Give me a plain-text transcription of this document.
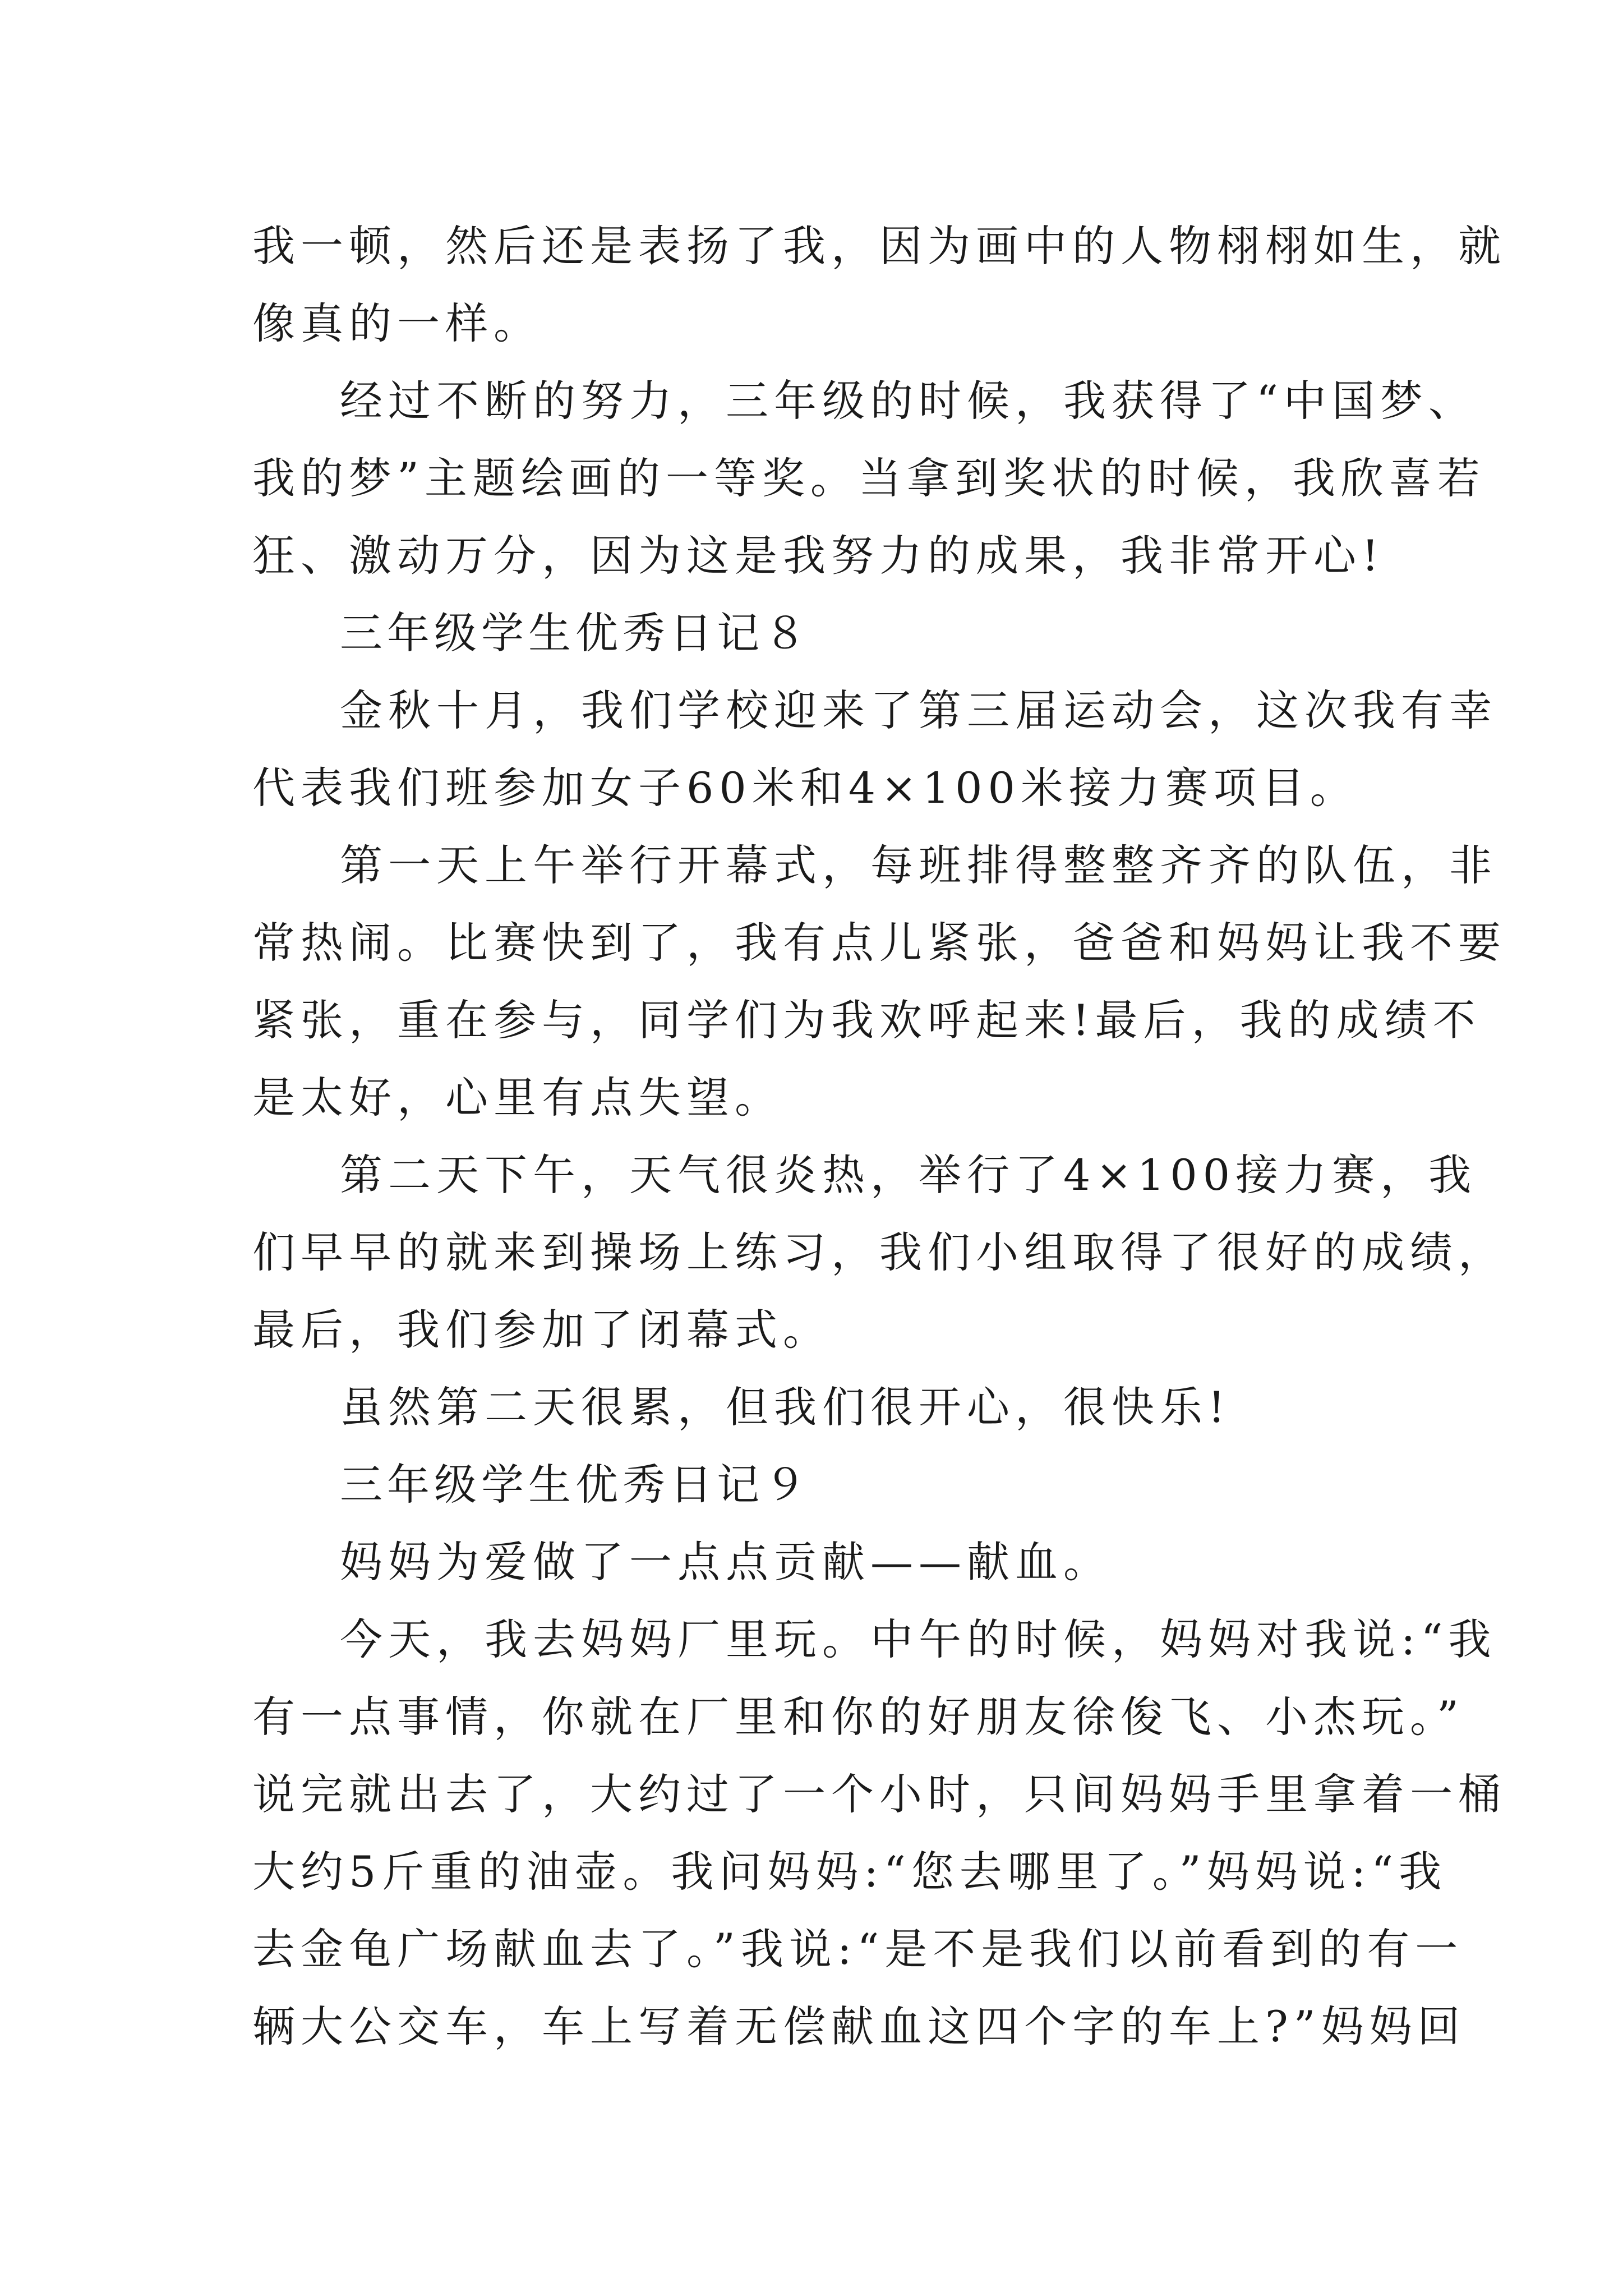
我一顿，然后还是表扬了我，因为画中的人物栩栩如生，就
像真的一样。
经过不断的努力，三年级的时候，我获得了“中国梦、
我的梦”主题绘画的一等奖。当拿到奖状的时候，我欣喜若
狂、激动万分，因为这是我努力的成果，我非常开心!
三年级学生优秀日记８
金秋十月，我们学校迎来了第三届运动会，这次我有幸
代表我们班参加女子60米和4×100米接力赛项目。
第一天上午举行开幕式，每班排得整整齐齐的队伍，非
常热闹。比赛快到了，我有点儿紧张，爸爸和妈妈让我不要
紧张，重在参与，同学们为我欢呼起来!最后，我的成绩不
是太好，心里有点失望。
第二天下午，天气很炎热，举行了4×100接力赛，我
们早早的就来到操场上练习，我们小组取得了很好的成绩，
最后，我们参加了闭幕式。
虽然第二天很累，但我们很开心，很快乐!
三年级学生优秀日记９
妈妈为爱做了一点点贡献——献血。
今天，我去妈妈厂里玩。中午的时候，妈妈对我说:“我
有一点事情，你就在厂里和你的好朋友徐俊飞、小杰玩。”
说完就出去了，大约过了一个小时，只间妈妈手里拿着一桶
大约5斤重的油壶。我问妈妈:“您去哪里了。”妈妈说:“我
去金龟广场献血去了。”我说:“是不是我们以前看到的有一
辆大公交车，车上写着无偿献血这四个字的车上?”妈妈回
